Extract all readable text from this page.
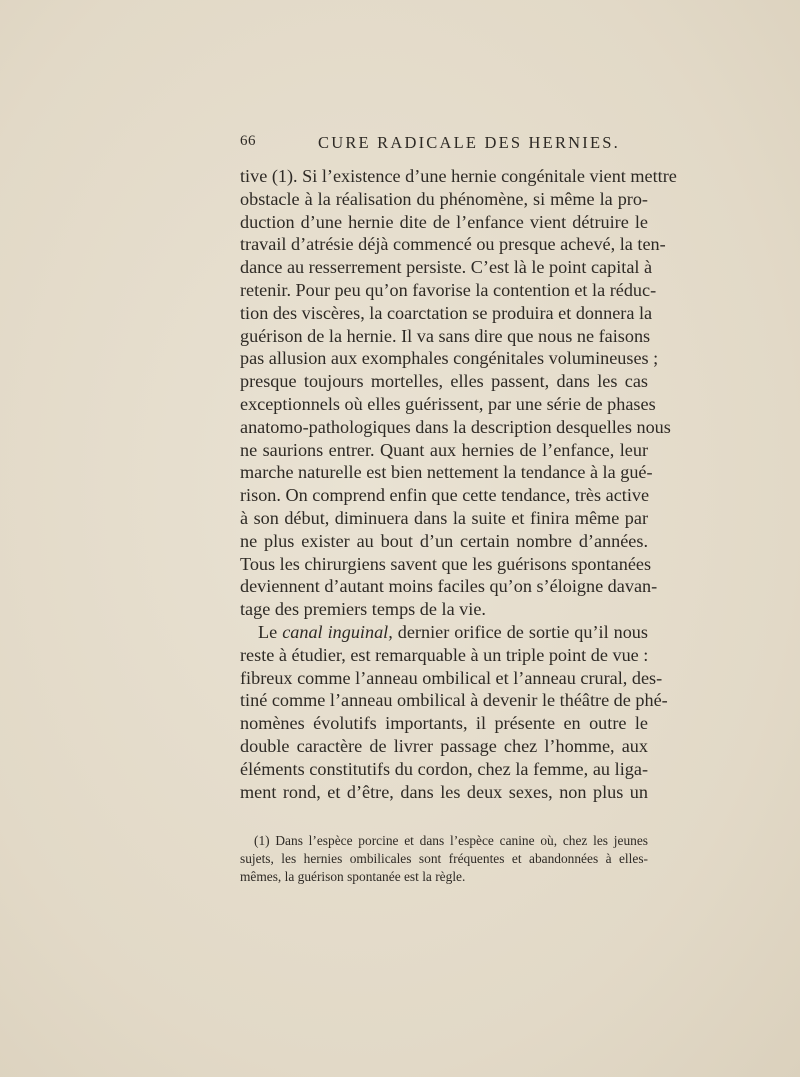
66	CURE RADICALE DES HERNIES.
tive (1). Si l’existence d’une hernie congénitale vient mettre
obstacle à la réalisation du phénomène, si même la pro-
duction d’une hernie dite de l’enfance vient détruire le
travail d’atrésie déjà commencé ou presque achevé, la ten-
dance au resserrement persiste. C’est là le point capital à
retenir. Pour peu qu’on favorise la contention et la réduc-
tion des viscères, la coarctation se produira et donnera la
guérison de la hernie. Il va sans dire que nous ne faisons
pas allusion aux exomphales congénitales volumineuses ;
presque toujours mortelles, elles passent, dans les cas
exceptionnels où elles guérissent, par une série de phases
anatomo-pathologiques dans la description desquelles nous
ne saurions entrer. Quant aux hernies de l’enfance, leur
marche naturelle est bien nettement la tendance à la gué-
rison. On comprend enfin que cette tendance, très active
à son début, diminuera dans la suite et finira même par
ne plus exister au bout d’un certain nombre d’années.
Tous les chirurgiens savent que les guérisons spontanées
deviennent d’autant moins faciles qu’on s’éloigne davan-
tage des premiers temps de la vie.
Le canal inguinal, dernier orifice de sortie qu’il nous
reste à étudier, est remarquable à un triple point de vue :
fibreux comme l’anneau ombilical et l’anneau crural, des-
tiné comme l’anneau ombilical à devenir le théâtre de phé-
nomènes évolutifs importants, il présente en outre le
double caractère de livrer passage chez l’homme, aux
éléments constitutifs du cordon, chez la femme, au liga-
ment rond, et d’être, dans les deux sexes, non plus un
(1) Dans l’espèce porcine et dans l’espèce canine où, chez les jeunes
sujets, les hernies ombilicales sont fréquentes et abandonnées à elles-
mêmes, la guérison spontanée est la règle.
